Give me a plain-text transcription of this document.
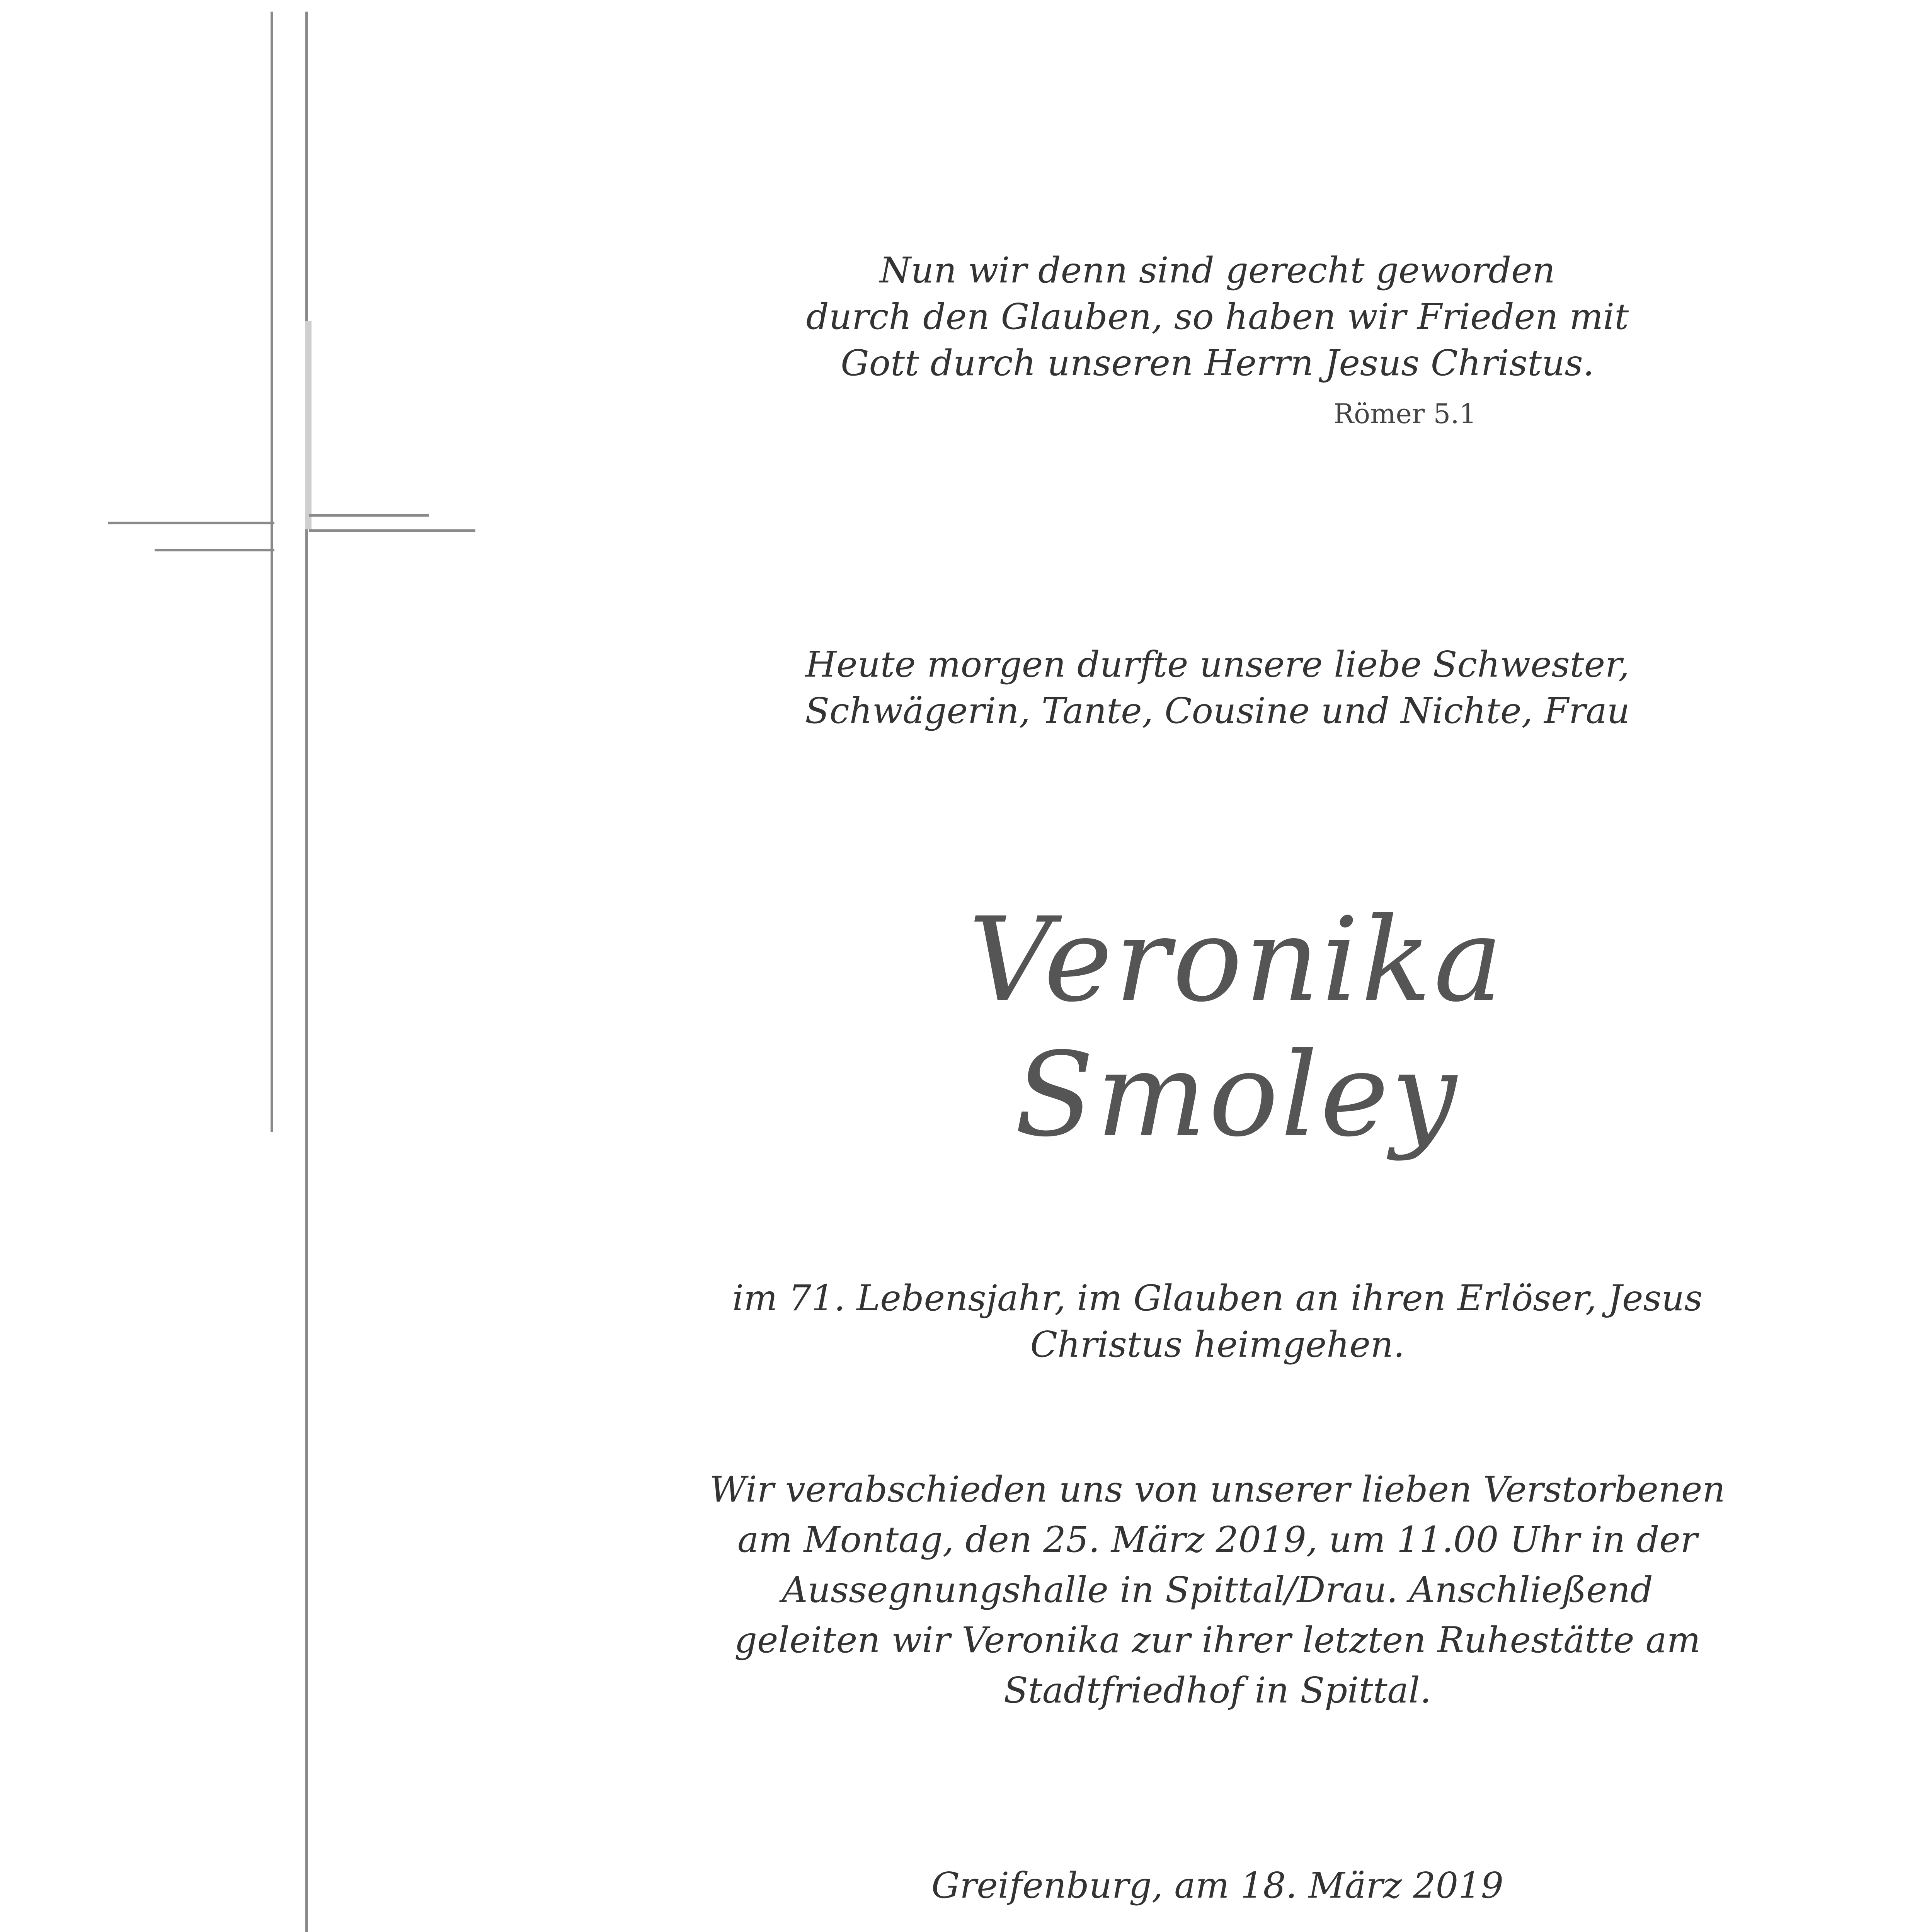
Nun wir denn sind gerecht geworden
durch den Glauben, so haben wir Frieden mit
Gott durch unseren Herrn Jesus Christus.
Römer 5.1
Heute morgen durfte unsere liebe Schwester,
Schwägerin, Tante, Cousine und Nichte, Frau
Veronika Smoley
im 71. Lebensjahr, im Glauben an ihren Erlöser, Jesus
Christus heimgehen.
Wir verabschieden uns von unserer lieben Verstorbenen
am Montag, den 25. März 2019, um 11.00 Uhr in der
Aussegnungshalle in Spittal/Drau. Anschließend
geleiten wir Veronika zur ihrer letzten Ruhestätte am
Stadtfriedhof in Spittal.
Greifenburg, am 18. März 2019
